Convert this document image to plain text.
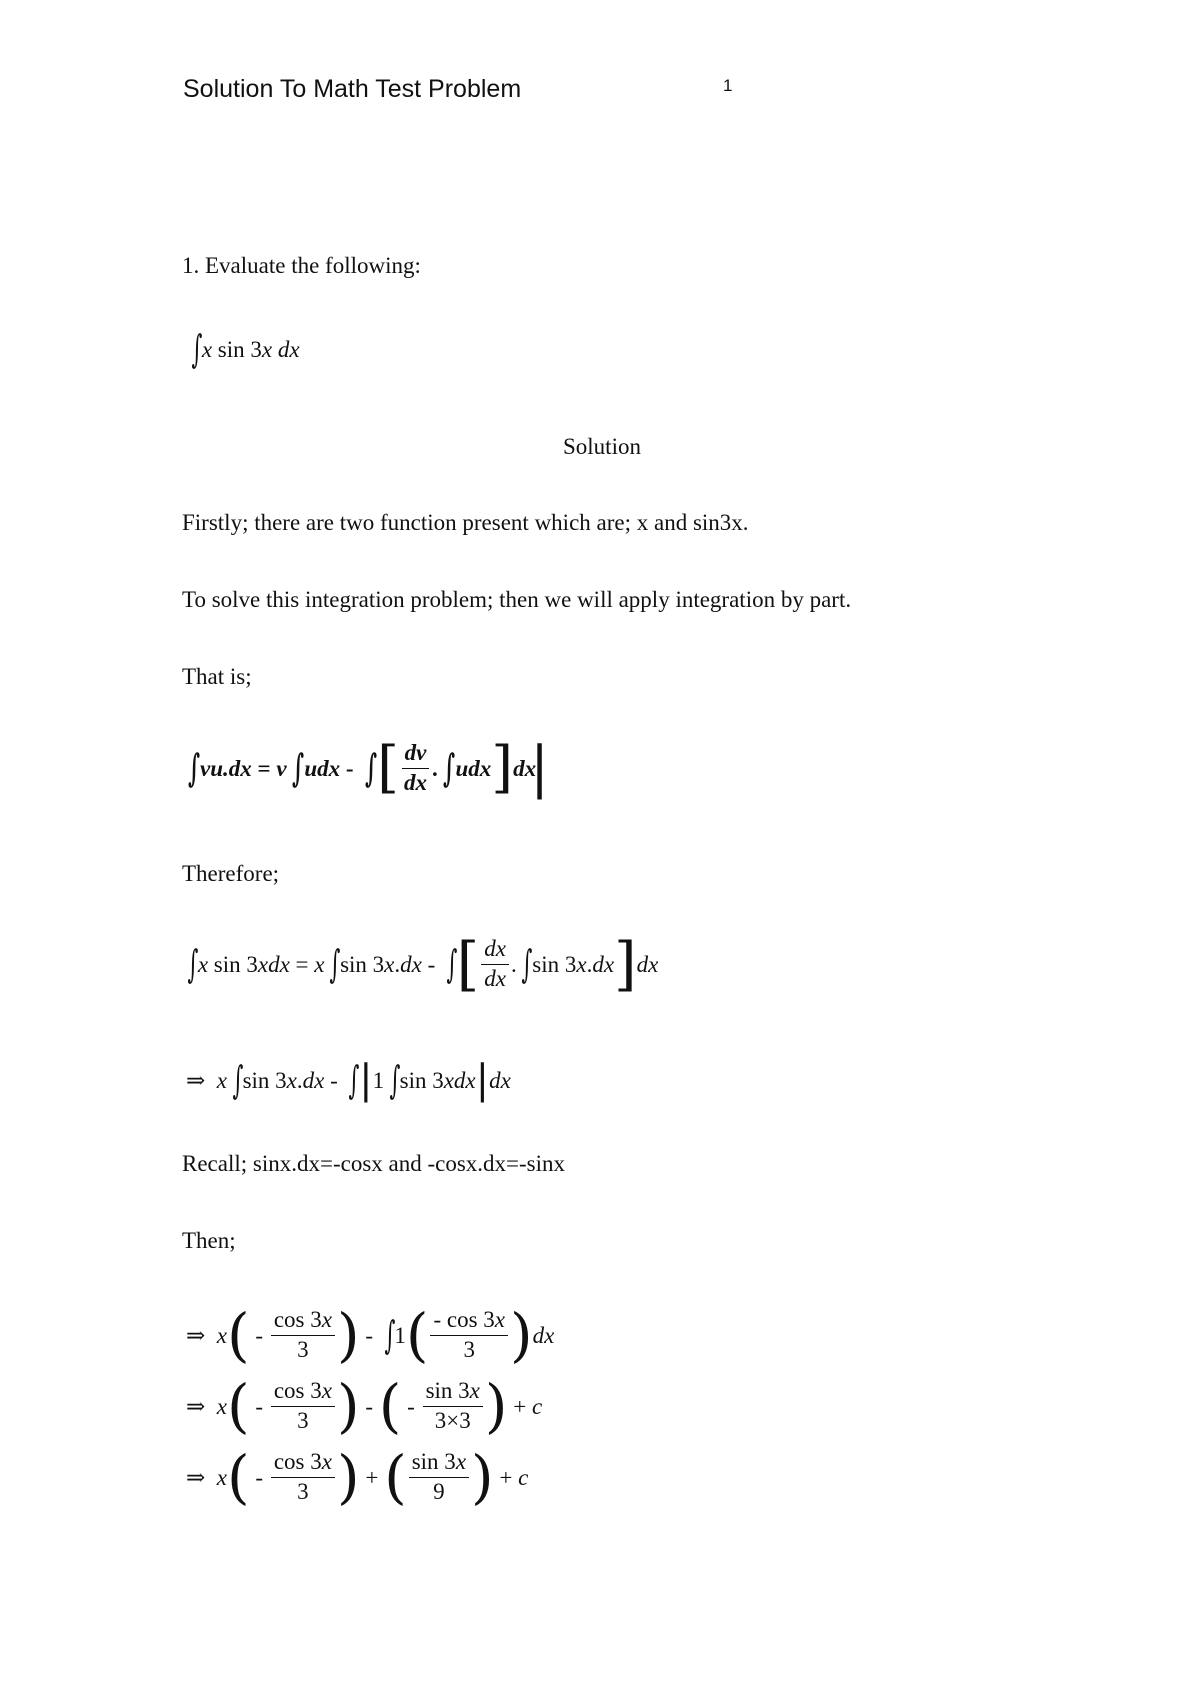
Solution To Math Test Problem	1
1. Evaluate the following:
∫ x sin 3 x
dx
Solution
Firstly; there are two function present which are; x and sin3x.
To solve this integration problem; then we will apply integration by part.
That is;
∫ vu.dx = v
∫ udx - ∫ [ $\frac{dv}{dx}$ . ∫ udx ] dx
|
Therefore;
∫ x sin 3 xdx = x
∫ sin 3 x . dx - ∫ [ $\frac{dx}{dx}$ . ∫ sin 3 x . dx ] dx
⇒
x
∫ sin 3 x . dx - ∫ | 1 ∫ sin 3 xdx | dx
Recall; sinx.dx=-cosx and -cosx.dx=-sinx
Then;
⇒
x ( - $\frac{\cos 3x}{3}$ ) - ∫ 1 ( $\frac{- \cos 3x}{3}$ ) dx
⇒
x ( - $\frac{\cos 3x}{3}$ ) - ( - $\frac{\sin 3x}{3\times 3}$ ) + c
⇒
x ( - $\frac{\cos 3x}{3}$ ) + ( $\frac{\sin 3x}{9}$ ) + c
